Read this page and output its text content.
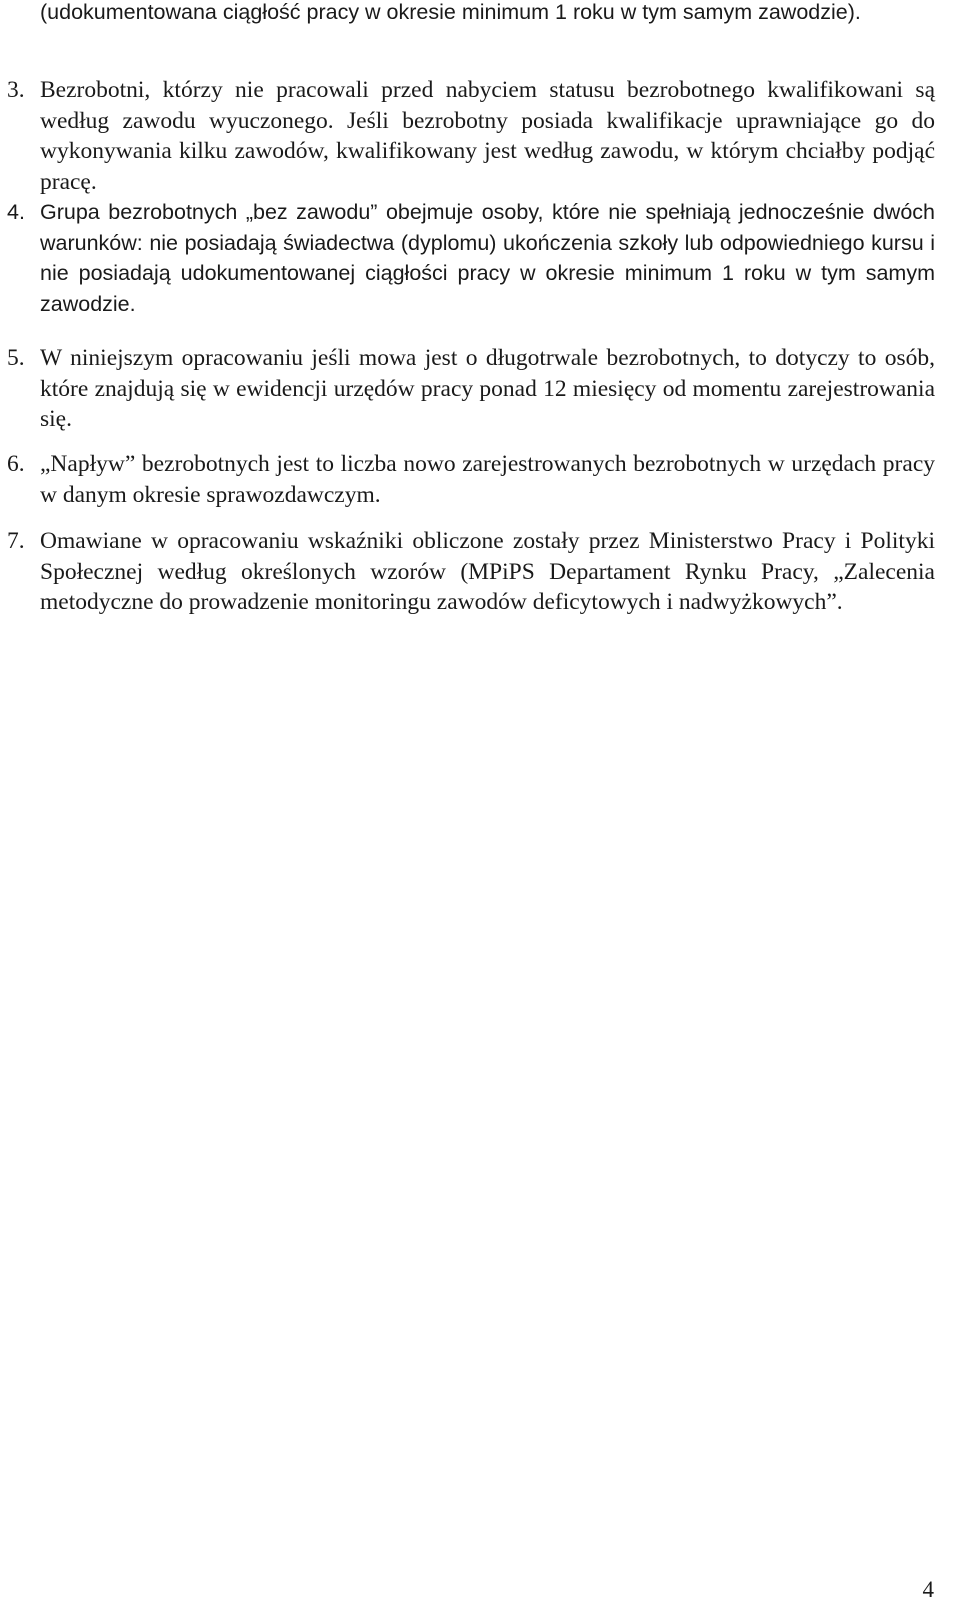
(udokumentowana ciągłość pracy w okresie minimum 1 roku w tym samym zawodzie).
3. Bezrobotni, którzy nie pracowali przed nabyciem statusu bezrobotnego kwalifikowani są według zawodu wyuczonego. Jeśli bezrobotny posiada kwalifikacje uprawniające go do wykonywania kilku zawodów, kwalifikowany jest według zawodu, w którym chciałby podjąć pracę.
4. Grupa bezrobotnych „bez zawodu” obejmuje osoby, które nie spełniają jednocześnie dwóch warunków: nie posiadają świadectwa (dyplomu) ukończenia szkoły lub odpowiedniego kursu i nie posiadają udokumentowanej ciągłości pracy w okresie minimum 1 roku w tym samym zawodzie.
5. W niniejszym opracowaniu jeśli mowa jest o długotrwale bezrobotnych, to dotyczy to osób, które znajdują się w ewidencji urzędów pracy ponad 12 miesięcy od momentu zarejestrowania się.
6. „Napływ” bezrobotnych jest to liczba nowo zarejestrowanych bezrobotnych w urzędach pracy w danym okresie sprawozdawczym.
7. Omawiane w opracowaniu wskaźniki obliczone zostały przez Ministerstwo Pracy i Polityki Społecznej według określonych wzorów (MPiPS Departament Rynku Pracy, „Zalecenia metodyczne do prowadzenie monitoringu zawodów deficytowych i nadwyżkowych”.
4
